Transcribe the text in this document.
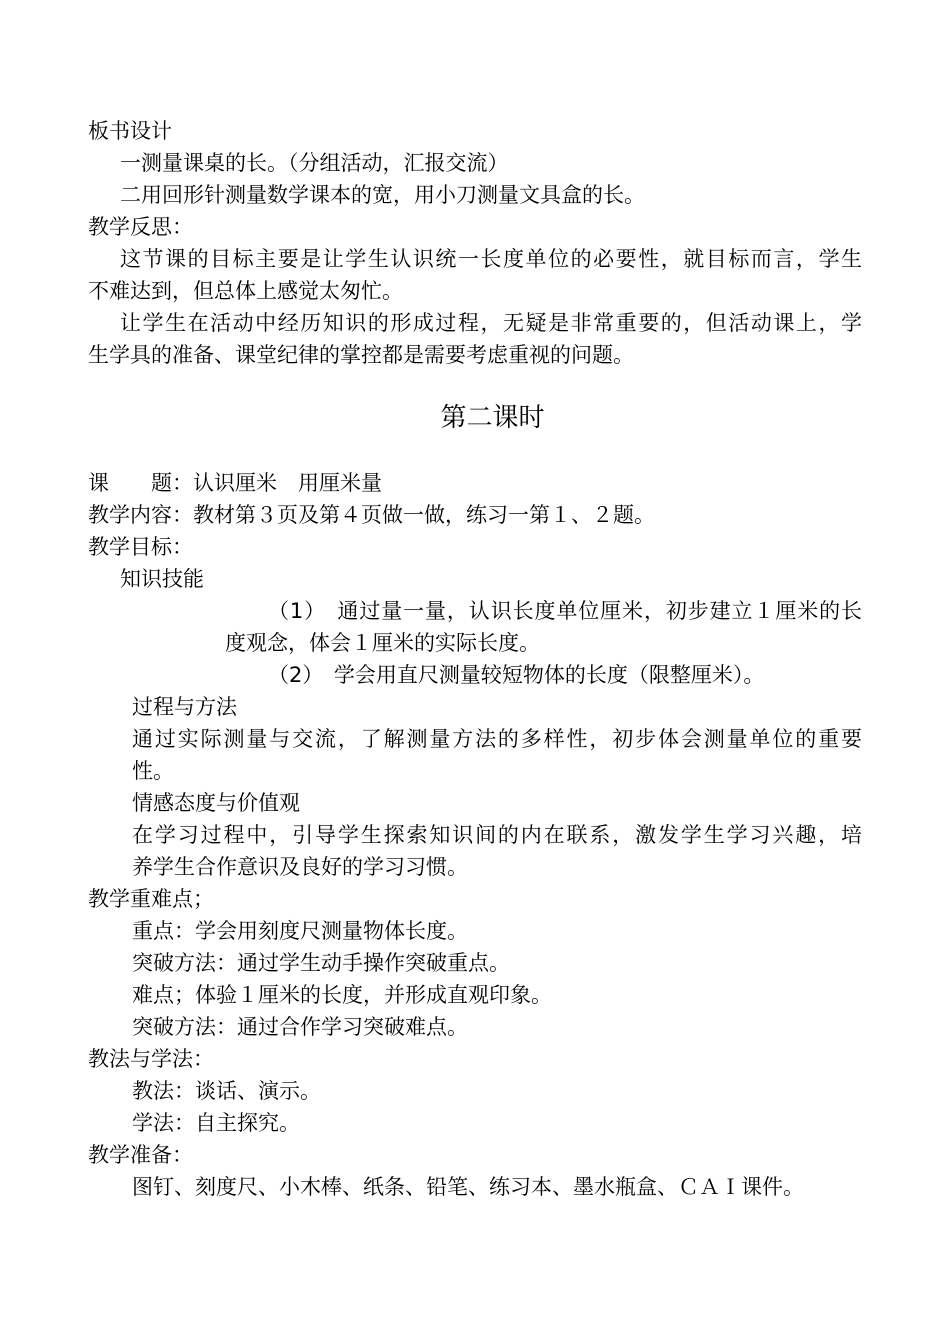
板书设计
一测量课桌的长。（分组活动，汇报交流）
二用回形针测量数学课本的宽，用小刀测量文具盒的长。
教学反思：
这节课的目标主要是让学生认识统一长度单位的必要性，就目标而言，学生
不难达到，但总体上感觉太匆忙。
让学生在活动中经历知识的形成过程，无疑是非常重要的，但活动课上，学
生学具的准备、课堂纪律的掌控都是需要考虑重视的问题。
第二课时
课　　题：认识厘米　用厘米量
教学内容：教材第３页及第４页做一做，练习一第１、２题。
教学目标：
知识技能
（1）　通过量一量，认识长度单位厘米，初步建立１厘米的长
度观念，体会１厘米的实际长度。
（2）　学会用直尺测量较短物体的长度（限整厘米）。
过程与方法
通过实际测量与交流，了解测量方法的多样性，初步体会测量单位的重要
性。
情感态度与价值观
在学习过程中，引导学生探索知识间的内在联系，激发学生学习兴趣，培
养学生合作意识及良好的学习习惯。
教学重难点；
重点：学会用刻度尺测量物体长度。
突破方法：通过学生动手操作突破重点。
难点；体验１厘米的长度，并形成直观印象。
突破方法：通过合作学习突破难点。
教法与学法：
教法：谈话、演示。
学法：自主探究。
教学准备：
图钉、刻度尺、小木棒、纸条、铅笔、练习本、墨水瓶盒、ＣＡＩ课件。
